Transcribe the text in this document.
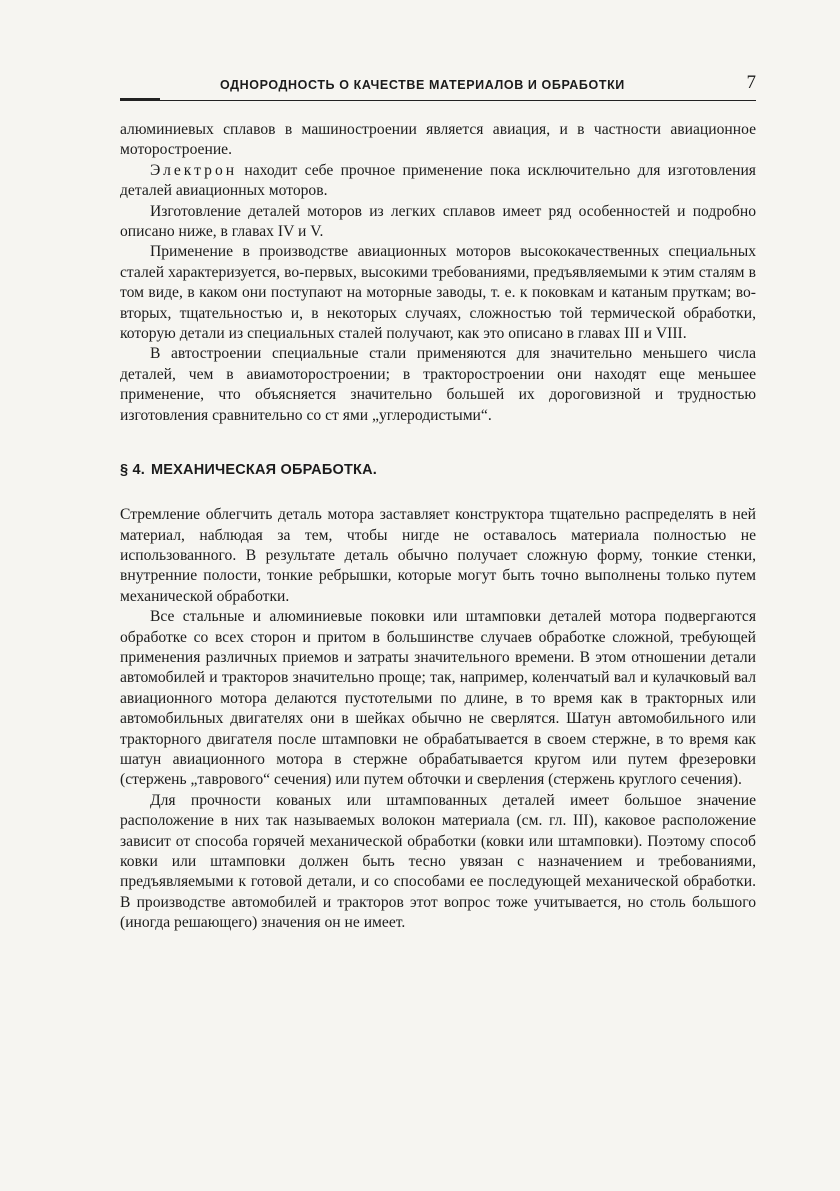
ОДНОРОДНОСТЬ О КАЧЕСТВЕ МАТЕРИАЛОВ И ОБРАБОТКИ	7

алюминиевых сплавов в машиностроении является авиация, и в частности авиационное моторостроение.

Электрон находит себе прочное применение пока исключительно для изготовления деталей авиационных моторов.

Изготовление деталей моторов из легких сплавов имеет ряд особенностей и подробно описано ниже, в главах IV и V.

Применение в производстве авиационных моторов высококачественных специальных сталей характеризуется, во-первых, высокими требованиями, предъявляемыми к этим сталям в том виде, в каком они поступают на моторные заводы, т. е. к поковкам и катаным пруткам; во-вторых, тщательностью и, в некоторых случаях, сложностью той термической обработки, которую детали из специальных сталей получают, как это описано в главах III и VIII.

В автостроении специальные стали применяются для значительно меньшего числа деталей, чем в авиамоторостроении; в тракторостроении они находят еще меньшее применение, что объясняется значительно большей их дороговизной и трудностью изготовления сравнительно со ст ями „углеродистыми“.

§ 4. МЕХАНИЧЕСКАЯ ОБРАБОТКА.

Стремление облегчить деталь мотора заставляет конструктора тщательно распределять в ней материал, наблюдая за тем, чтобы нигде не оставалось материала полностью не использованного. В результате деталь обычно получает сложную форму, тонкие стенки, внутренние полости, тонкие ребрышки, которые могут быть точно выполнены только путем механической обработки.

Все стальные и алюминиевые поковки или штамповки деталей мотора подвергаются обработке со всех сторон и притом в большинстве случаев обработке сложной, требующей применения различных приемов и затраты значительного времени. В этом отношении детали автомобилей и тракторов значительно проще; так, например, коленчатый вал и кулачковый вал авиационного мотора делаются пустотелыми по длине, в то время как в тракторных или автомобильных двигателях они в шейках обычно не сверлятся. Шатун автомобильного или тракторного двигателя после штамповки не обрабатывается в своем стержне, в то время как шатун авиационного мотора в стержне обрабатывается кругом или путем фрезеровки (стержень „таврового“ сечения) или путем обточки и сверления (стержень круглого сечения).

Для прочности кованых или штампованных деталей имеет большое значение расположение в них так называемых волокон материала (см. гл. III), каковое расположение зависит от способа горячей механической обработки (ковки или штамповки). Поэтому способ ковки или штамповки должен быть тесно увязан с назначением и требованиями, предъявляемыми к готовой детали, и со способами ее последующей механической обработки. В производстве автомобилей и тракторов этот вопрос тоже учитывается, но столь большого (иногда решающего) значения он не имеет.
